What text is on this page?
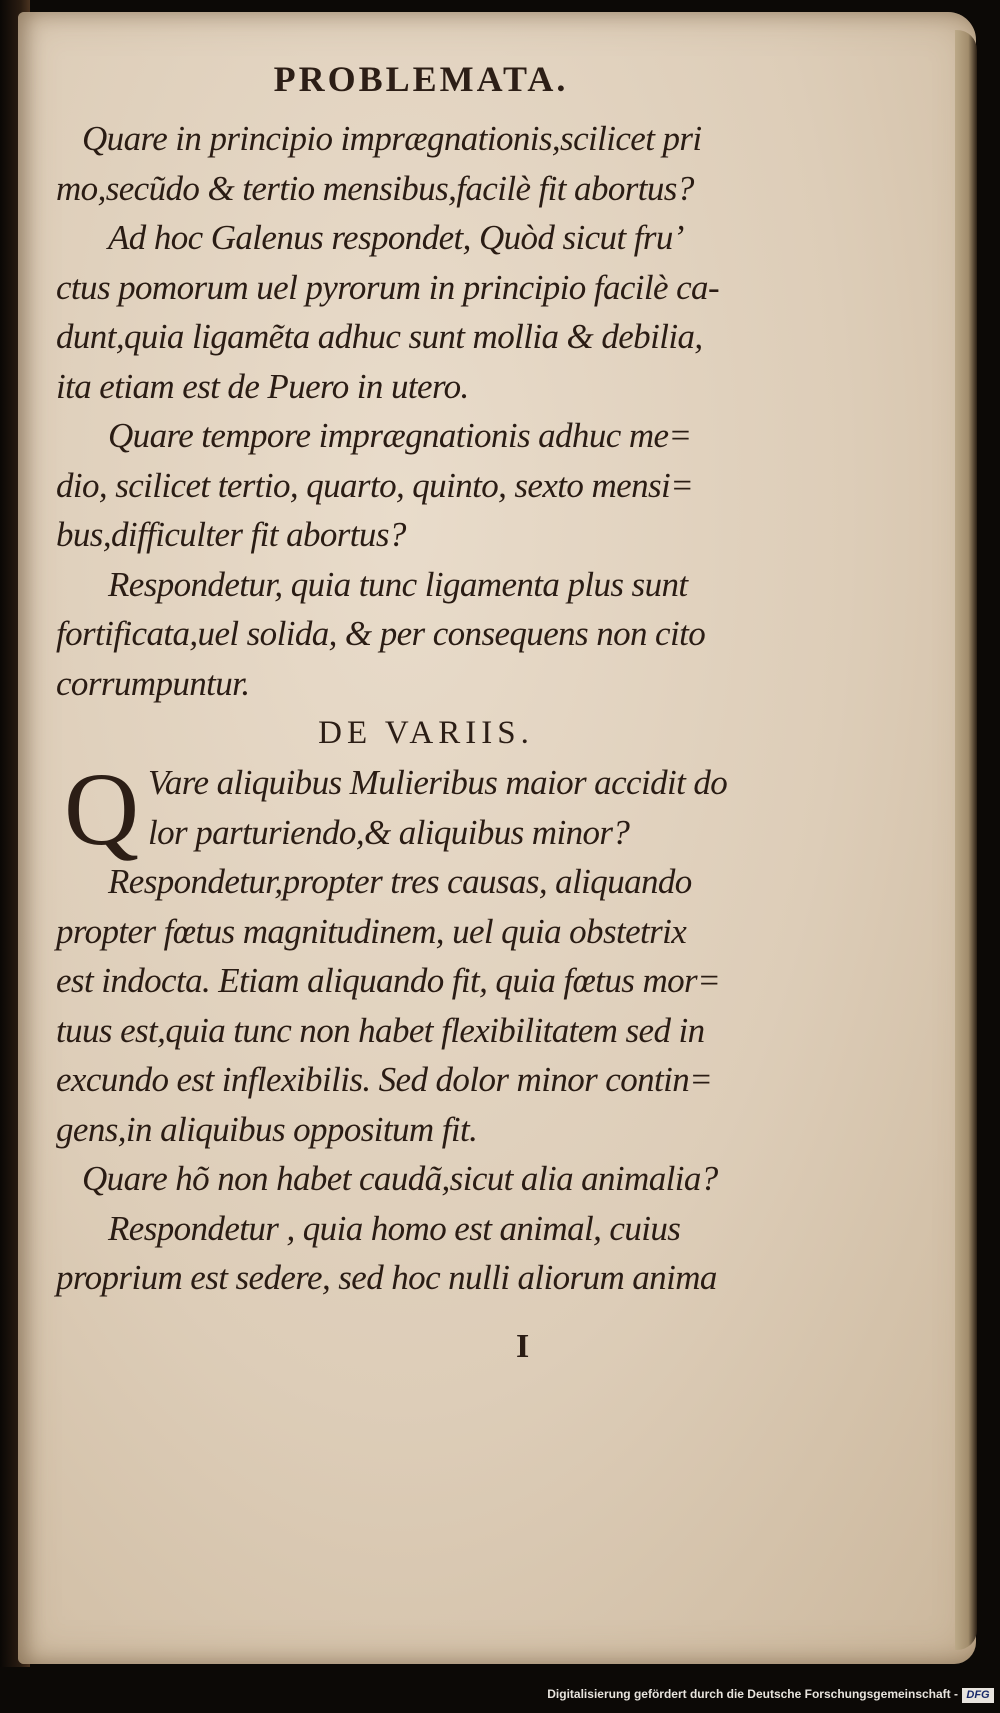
PROBLEMATA.
Quare in principio imprægnationis,scilicet pri
mo,secũdo & tertio mensibus,facilè fit abortus?
Ad hoc Galenus respondet, Quòd sicut fru’
ctus pomorum uel pyrorum in principio facilè ca-
dunt,quia ligamẽta adhuc sunt mollia & debilia,
ita etiam est de Puero in utero.
Quare tempore imprægnationis adhuc me=
dio, scilicet tertio, quarto, quinto, sexto mensi=
bus,difficulter fit abortus?
Respondetur, quia tunc ligamenta plus sunt
fortificata,uel solida, & per consequens non cito
corrumpuntur.
DE VARIIS.
Q Vare aliquibus Mulieribus maior accidit do
lor parturiendo,& aliquibus minor?
Respondetur,propter tres causas, aliquando
propter fœtus magnitudinem, uel quia obstetrix
est indocta. Etiam aliquando fit, quia fœtus mor=
tuus est,quia tunc non habet flexibilitatem sed in
excundo est inflexibilis. Sed dolor minor contin=
gens,in aliquibus oppositum fit.
Quare hõ non habet caudã,sicut alia animalia?
Respondetur , quia homo est animal, cuius
proprium est sedere, sed hoc nulli aliorum anima
I
Digitalisierung gefördert durch die Deutsche Forschungsgemeinschaft - DFG
